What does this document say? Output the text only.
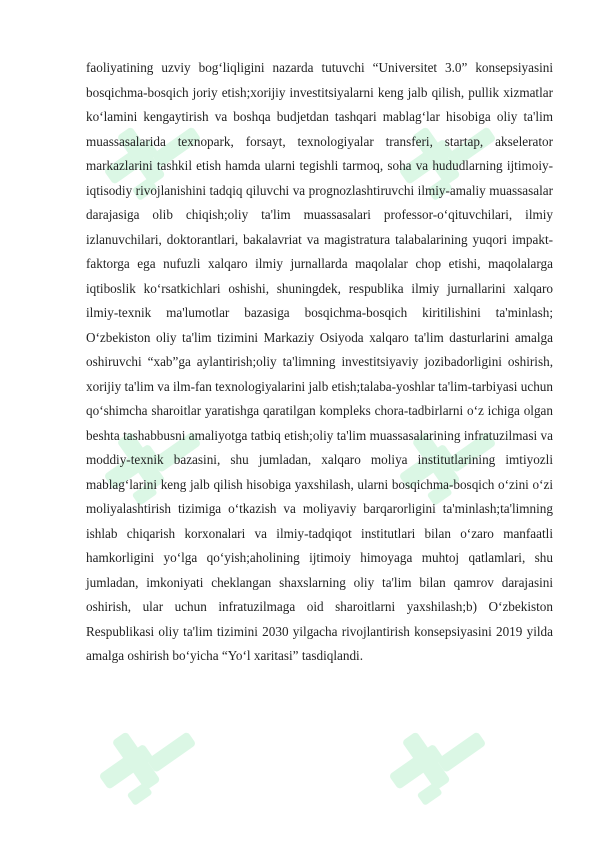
faoliyatining uzviy bog‘liqligini nazarda tutuvchi “Universitet 3.0” konsepsiyasini bosqichma-bosqich joriy etish;xorijiy investitsiyalarni keng jalb qilish, pullik xizmatlar ko‘lamini kengaytirish va boshqa budjetdan tashqari mablag‘lar hisobiga oliy ta'lim muassasalarida texnopark, forsayt, texnologiyalar transferi, startap, akselerator markazlarini tashkil etish hamda ularni tegishli tarmoq, soha va hududlarning ijtimoiy-iqtisodiy rivojlanishini tadqiq qiluvchi va prognozlashtiruvchi ilmiy-amaliy muassasalar darajasiga olib chiqish;oliy ta'lim muassasalari professor-o‘qituvchilari, ilmiy izlanuvchilari, doktorantlari, bakalavriat va magistratura talabalarining yuqori impakt-faktorga ega nufuzli xalqaro ilmiy jurnallarda maqolalar chop etishi, maqolalarga iqtiboslik ko‘rsatkichlari oshishi, shuningdek, respublika ilmiy jurnallarini xalqaro ilmiy-texnik ma'lumotlar bazasiga bosqichma-bosqich kiritilishini ta'minlash; O‘zbekiston oliy ta'lim tizimini Markaziy Osiyoda xalqaro ta'lim dasturlarini amalga oshiruvchi “xab”ga aylantirish;oliy ta'limning investitsiyaviy jozibadorligini oshirish, xorijiy ta'lim va ilm-fan texnologiyalarini jalb etish;talaba-yoshlar ta'lim-tarbiyasi uchun qo‘shimcha sharoitlar yaratishga qaratilgan kompleks chora-tadbirlarni o‘z ichiga olgan beshta tashabbusni amaliyotga tatbiq etish;oliy ta'lim muassasalarining infratuzilmasi va moddiy-texnik bazasini, shu jumladan, xalqaro moliya institutlarining imtiyozli mablag‘larini keng jalb qilish hisobiga yaxshilash, ularni bosqichma-bosqich o‘zini o‘zi moliyalashtirish tizimiga o‘tkazish va moliyaviy barqarorligini ta'minlash;ta'limning ishlab chiqarish korxonalari va ilmiy-tadqiqot institutlari bilan o‘zaro manfaatli hamkorligini yo‘lga qo‘yish;aholining ijtimoiy himoyaga muhtoj qatlamlari, shu jumladan, imkoniyati cheklangan shaxslarning oliy ta'lim bilan qamrov darajasini oshirish, ular uchun infratuzilmaga oid sharoitlarni yaxshilash;b) O‘zbekiston Respublikasi oliy ta'lim tizimini 2030 yilgacha rivojlantirish konsepsiyasini 2019 yilda amalga oshirish bo‘yicha “Yo‘l xaritasi” tasdiqlandi.
